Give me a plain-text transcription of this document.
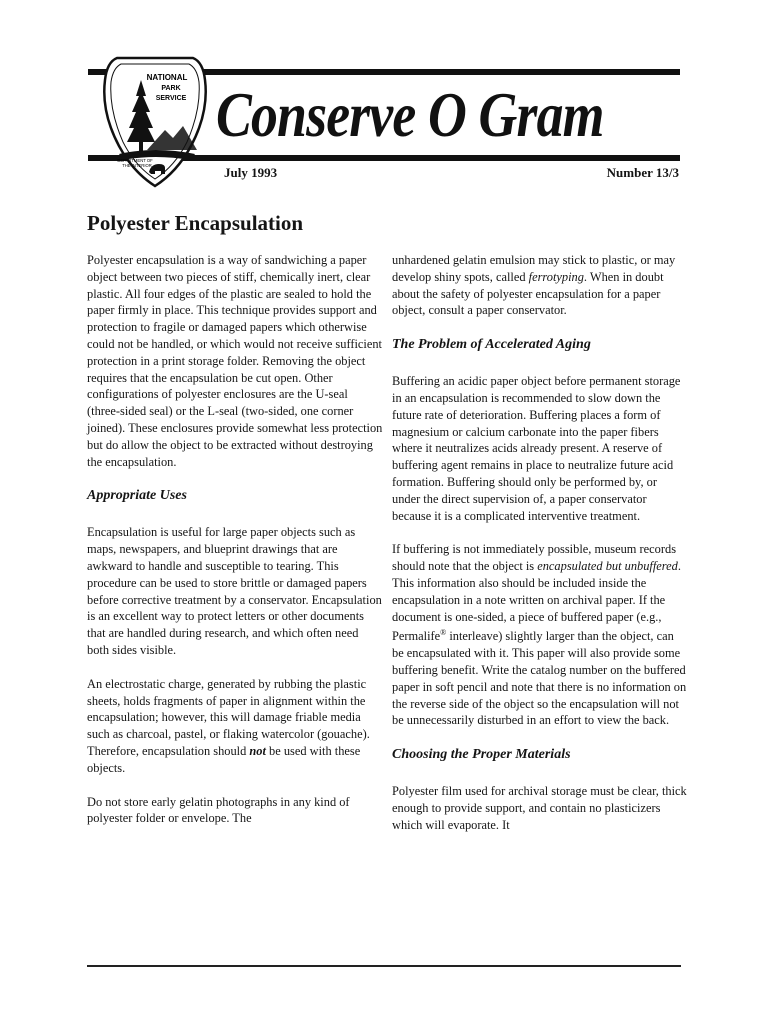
NATIONAL
PARK
SERVICE
DEPARTMENT OF
THE INTERIOR
Conserve O Gram
July 1993	Number 13/3
Polyester Encapsulation

Polyester encapsulation is a way of sandwiching a paper object between two pieces of stiff, chemically inert, clear plastic. All four edges of the plastic are sealed to hold the paper firmly in place. This technique provides support and protection to fragile or damaged papers which otherwise could not be handled, or which would not receive sufficient protection in a print storage folder. Removing the object requires that the encapsulation be cut open. Other configurations of polyester enclosures are the U-seal (three-sided seal) or the L-seal (two-sided, one corner joined). These enclosures provide somewhat less protection but do allow the object to be extracted without destroying the encapsulation.

Appropriate Uses

Encapsulation is useful for large paper objects such as maps, newspapers, and blueprint drawings that are awkward to handle and susceptible to tearing. This procedure can be used to store brittle or damaged papers before corrective treatment by a conservator. Encapsulation is an excellent way to protect letters or other documents that are handled during research, and which often need both sides visible.

An electrostatic charge, generated by rubbing the plastic sheets, holds fragments of paper in alignment within the encapsulation; however, this will damage friable media such as charcoal, pastel, or flaking watercolor (gouache). Therefore, encapsulation should not be used with these objects.

Do not store early gelatin photographs in any kind of polyester folder or envelope. The

unhardened gelatin emulsion may stick to plastic, or may develop shiny spots, called ferrotyping. When in doubt about the safety of polyester encapsulation for a paper object, consult a paper conservator.

The Problem of Accelerated Aging

Buffering an acidic paper object before permanent storage in an encapsulation is recommended to slow down the future rate of deterioration. Buffering places a form of magnesium or calcium carbonate into the paper fibers where it neutralizes acids already present. A reserve of buffering agent remains in place to neutralize future acid formation. Buffering should only be performed by, or under the direct supervision of, a paper conservator because it is a complicated interventive treatment.

If buffering is not immediately possible, museum records should note that the object is encapsulated but unbuffered. This information also should be included inside the encapsulation in a note written on archival paper. If the document is one-sided, a piece of buffered paper (e.g., Permalife® interleave) slightly larger than the object, can be encapsulated with it. This paper will also provide some buffering benefit. Write the catalog number on the buffered paper in soft pencil and note that there is no information on the reverse side of the object so the encapsulation will not be unnecessarily disturbed in an effort to view the back.

Choosing the Proper Materials

Polyester film used for archival storage must be clear, thick enough to provide support, and contain no plasticizers which will evaporate. It
